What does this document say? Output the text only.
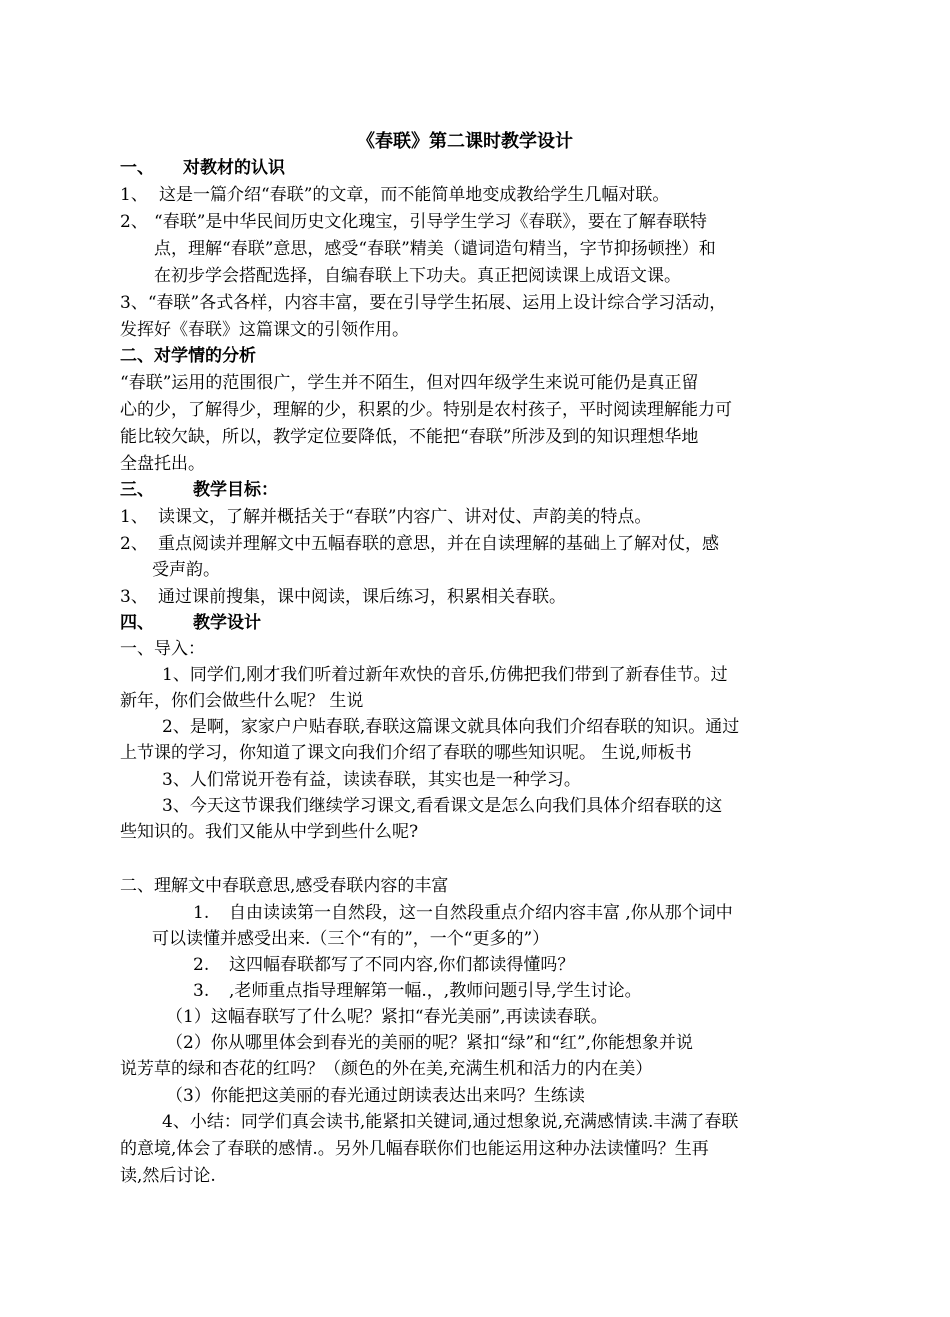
《春联》第二课时教学设计
一、 对教材的认识
1、 这是一篇介绍“春联”的文章，而不能简单地变成教给学生几幅对联。
2、 “春联”是中华民间历史文化瑰宝，引导学生学习《春联》，要在了解春联特
点，理解“春联”意思，感受“春联”精美（谴词造句精当，字节抑扬顿挫）和
在初步学会搭配选择，自编春联上下功夫。真正把阅读课上成语文课。
3、“春联”各式各样，内容丰富，要在引导学生拓展、运用上设计综合学习活动，
发挥好《春联》这篇课文的引领作用。
二、对学情的分析
“春联”运用的范围很广，学生并不陌生，但对四年级学生来说可能仍是真正留
心的少，了解得少，理解的少，积累的少。特别是农村孩子，平时阅读理解能力可
能比较欠缺，所以，教学定位要降低，不能把“春联”所涉及到的知识理想华地
全盘托出。
三、 教学目标：
1、 读课文，了解并概括关于“春联”内容广、讲对仗、声韵美的特点。
2、 重点阅读并理解文中五幅春联的意思，并在自读理解的基础上了解对仗，感
受声韵。
3、 通过课前搜集，课中阅读，课后练习，积累相关春联。
四、 教学设计
一、导入：
1、同学们,刚才我们听着过新年欢快的音乐,仿佛把我们带到了新春佳节。过
新年，你们会做些什么呢？ 生说
2、是啊，家家户户贴春联,春联这篇课文就具体向我们介绍春联的知识。通过
上节课的学习，你知道了课文向我们介绍了春联的哪些知识呢。 生说,师板书
3、人们常说开卷有益，读读春联，其实也是一种学习。
3、今天这节课我们继续学习课文,看看课文是怎么向我们具体介绍春联的这
些知识的。我们又能从中学到些什么呢?
二、理解文中春联意思,感受春联内容的丰富
1. 自由读读第一自然段，这一自然段重点介绍内容丰富 ,你从那个词中
可以读懂并感受出来.（三个“有的”，一个“更多的”）
2. 这四幅春联都写了不同内容,你们都读得懂吗？
3. ,老师重点指导理解第一幅.，,教师问题引导,学生讨论。
（1）这幅春联写了什么呢？紧扣“春光美丽”,再读读春联。
（2）你从哪里体会到春光的美丽的呢？紧扣“绿”和“红”,你能想象并说
说芳草的绿和杏花的红吗？（颜色的外在美,充满生机和活力的内在美）
（3）你能把这美丽的春光通过朗读表达出来吗？生练读
4、小结：同学们真会读书,能紧扣关键词,通过想象说,充满感情读.丰满了春联
的意境,体会了春联的感情.。另外几幅春联你们也能运用这种办法读懂吗？生再
读,然后讨论.
